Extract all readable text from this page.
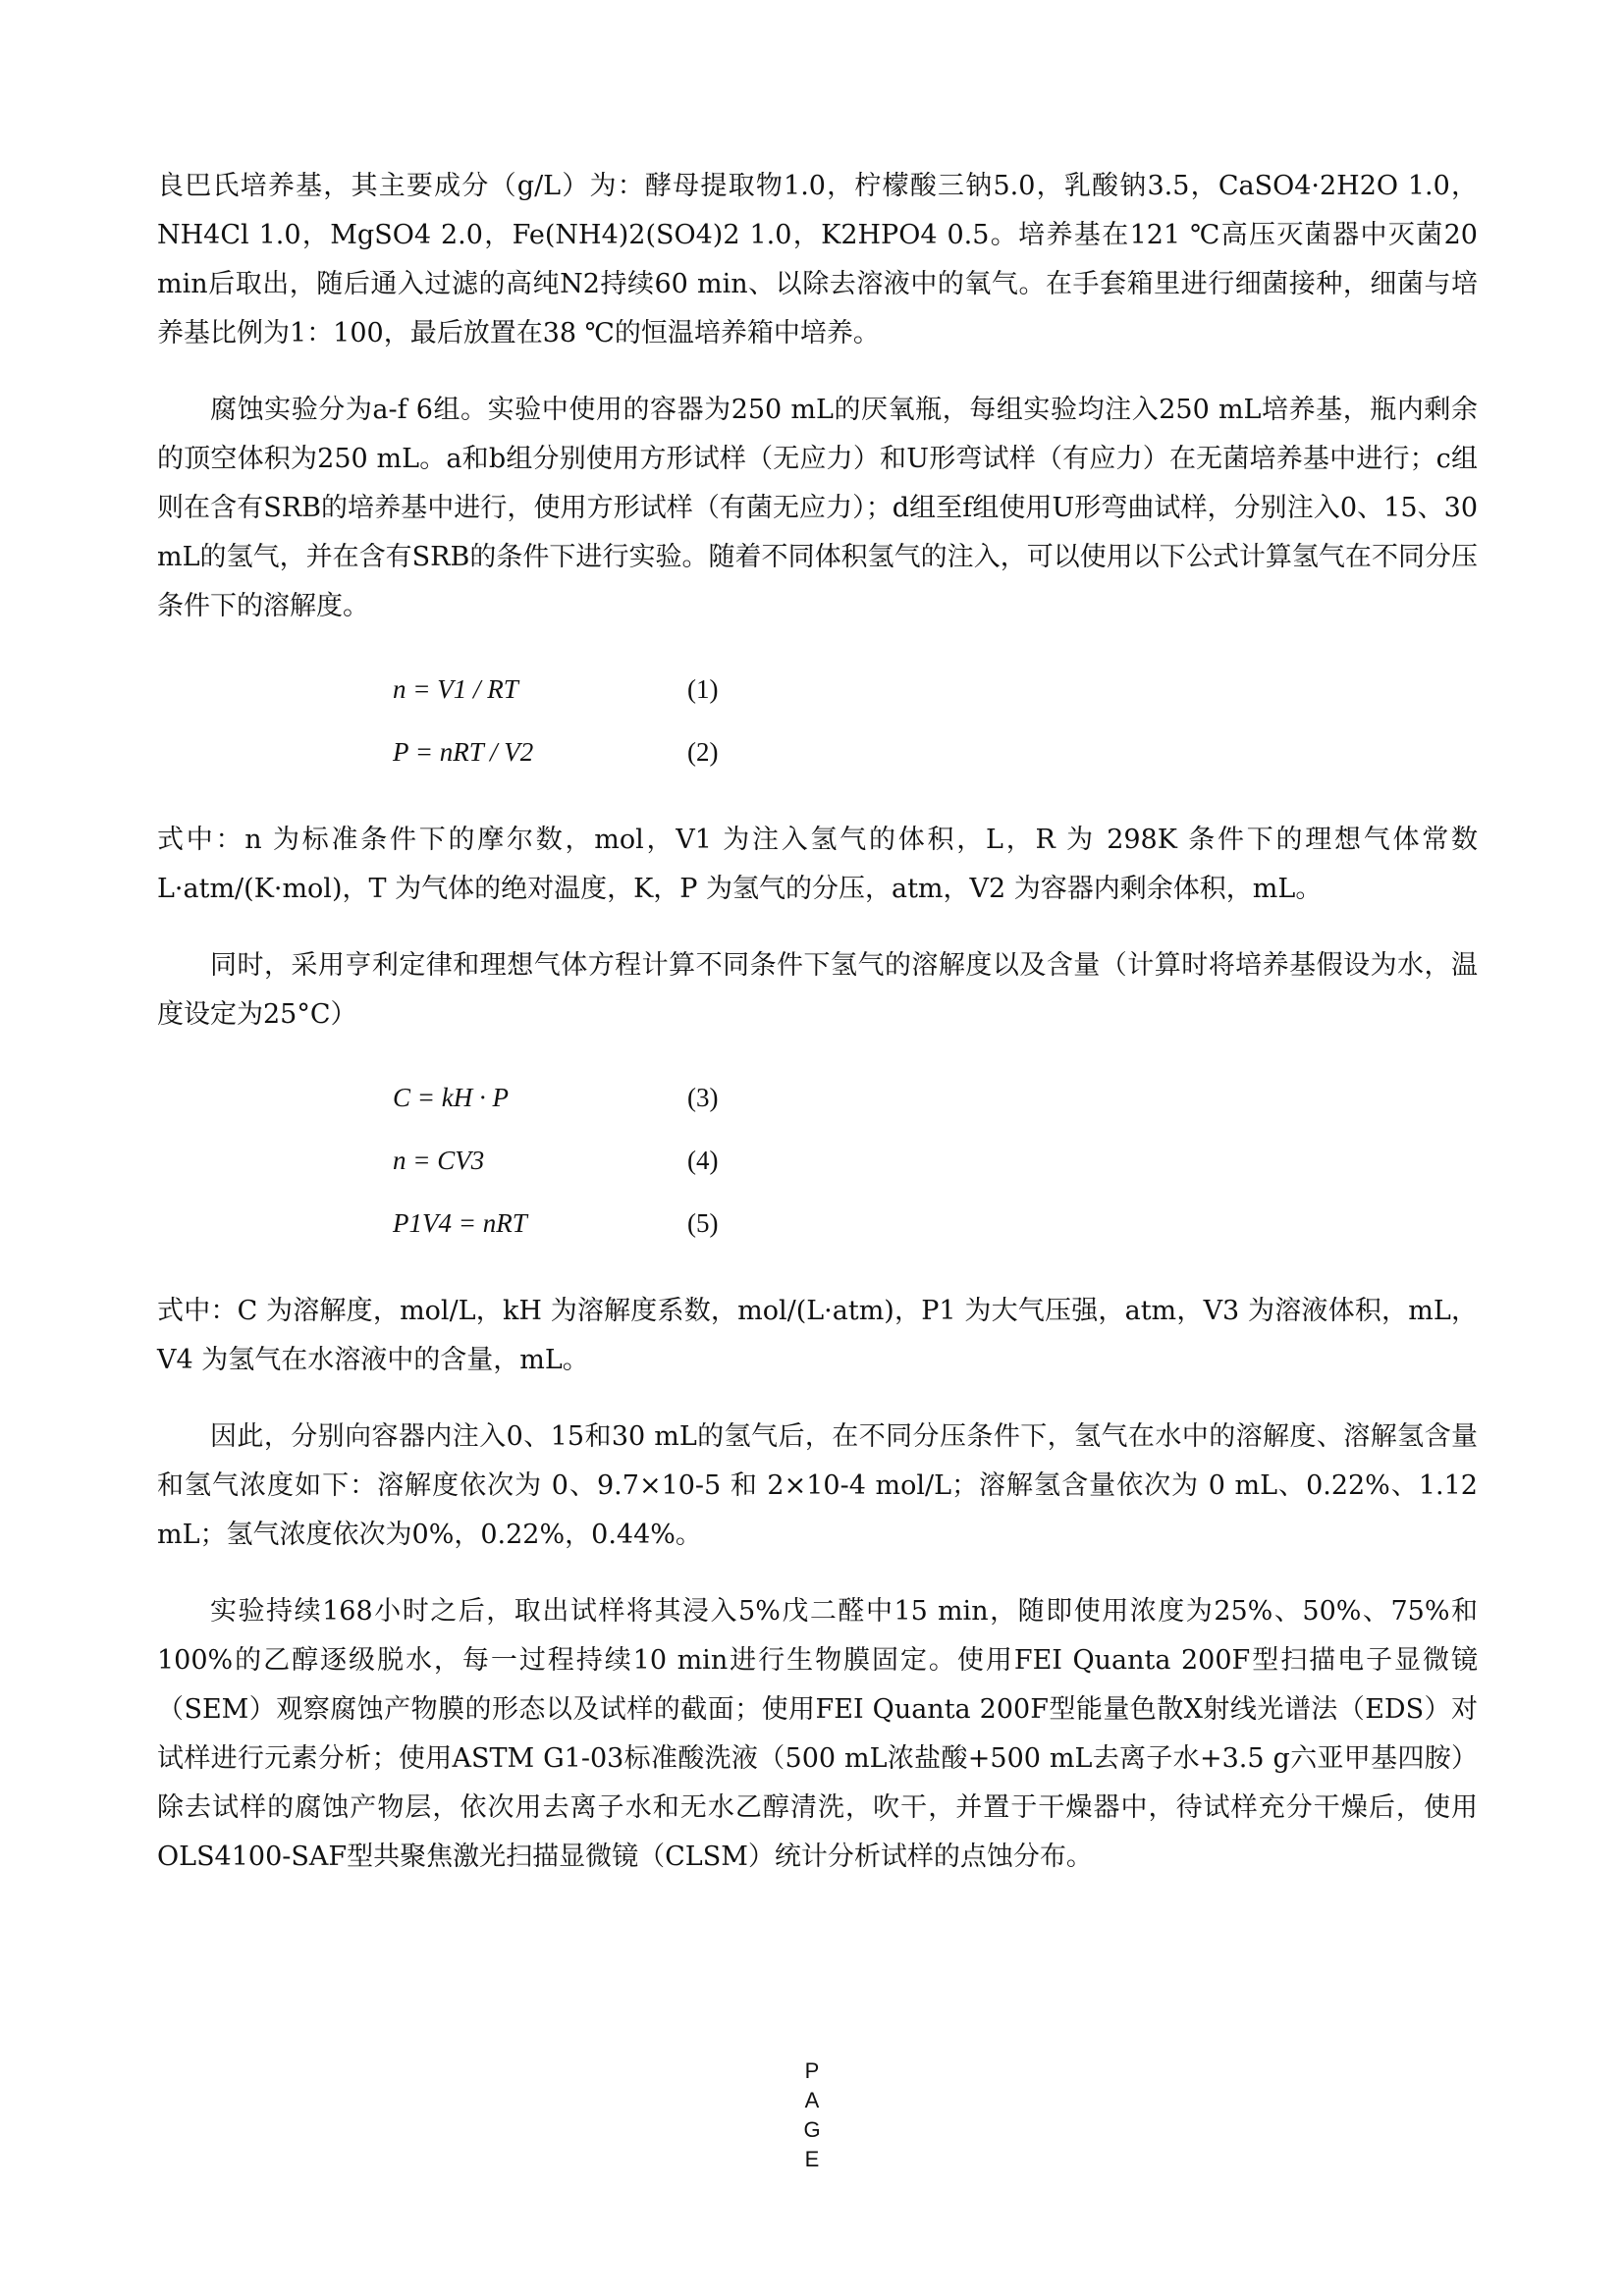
良巴氏培养基，其主要成分（g/L）为：酵母提取物1.0，柠檬酸三钠5.0，乳酸钠3.5，CaSO4·2H2O 1.0，NH4Cl 1.0，MgSO4 2.0，Fe(NH4)2(SO4)2 1.0，K2HPO4 0.5。培养基在121 ℃高压灭菌器中灭菌20 min后取出，随后通入过滤的高纯N2持续60 min、以除去溶液中的氧气。在手套箱里进行细菌接种，细菌与培养基比例为1：100，最后放置在38 ℃的恒温培养箱中培养。

腐蚀实验分为a-f 6组。实验中使用的容器为250 mL的厌氧瓶，每组实验均注入250 mL培养基，瓶内剩余的顶空体积为250 mL。a和b组分别使用方形试样（无应力）和U形弯试样（有应力）在无菌培养基中进行；c组则在含有SRB的培养基中进行，使用方形试样（有菌无应力）；d组至f组使用U形弯曲试样，分别注入0、15、30 mL的氢气，并在含有SRB的条件下进行实验。随着不同体积氢气的注入，可以使用以下公式计算氢气在不同分压条件下的溶解度。

n = V1 / RT	(1)
P = nRT / V2	(2)

式中：n 为标准条件下的摩尔数，mol，V1 为注入氢气的体积，L，R 为 298K 条件下的理想气体常数 L·atm/(K·mol)，T 为气体的绝对温度，K，P 为氢气的分压，atm，V2 为容器内剩余体积，mL。

同时，采用亨利定律和理想气体方程计算不同条件下氢气的溶解度以及含量（计算时将培养基假设为水，温度设定为25°C）

C = kH · P	(3)
n = CV3	(4)
P1V4 = nRT	(5)

式中：C 为溶解度，mol/L，kH 为溶解度系数，mol/(L·atm)，P1 为大气压强，atm，V3 为溶液体积，mL，V4 为氢气在水溶液中的含量，mL。

因此，分别向容器内注入0、15和30 mL的氢气后，在不同分压条件下，氢气在水中的溶解度、溶解氢含量和氢气浓度如下：溶解度依次为 0、9.7×10-5 和 2×10-4 mol/L；溶解氢含量依次为 0 mL、0.22%、1.12 mL；氢气浓度依次为0%，0.22%，0.44%。

实验持续168小时之后，取出试样将其浸入5%戊二醛中15 min，随即使用浓度为25%、50%、75%和100%的乙醇逐级脱水，每一过程持续10 min进行生物膜固定。使用FEI Quanta 200F型扫描电子显微镜（SEM）观察腐蚀产物膜的形态以及试样的截面；使用FEI Quanta 200F型能量色散X射线光谱法（EDS）对试样进行元素分析；使用ASTM G1-03标准酸洗液（500 mL浓盐酸+500 mL去离子水+3.5 g六亚甲基四胺）除去试样的腐蚀产物层，依次用去离子水和无水乙醇清洗，吹干，并置于干燥器中，待试样充分干燥后，使用OLS4100-SAF型共聚焦激光扫描显微镜（CLSM）统计分析试样的点蚀分布。

P
A
G
E
